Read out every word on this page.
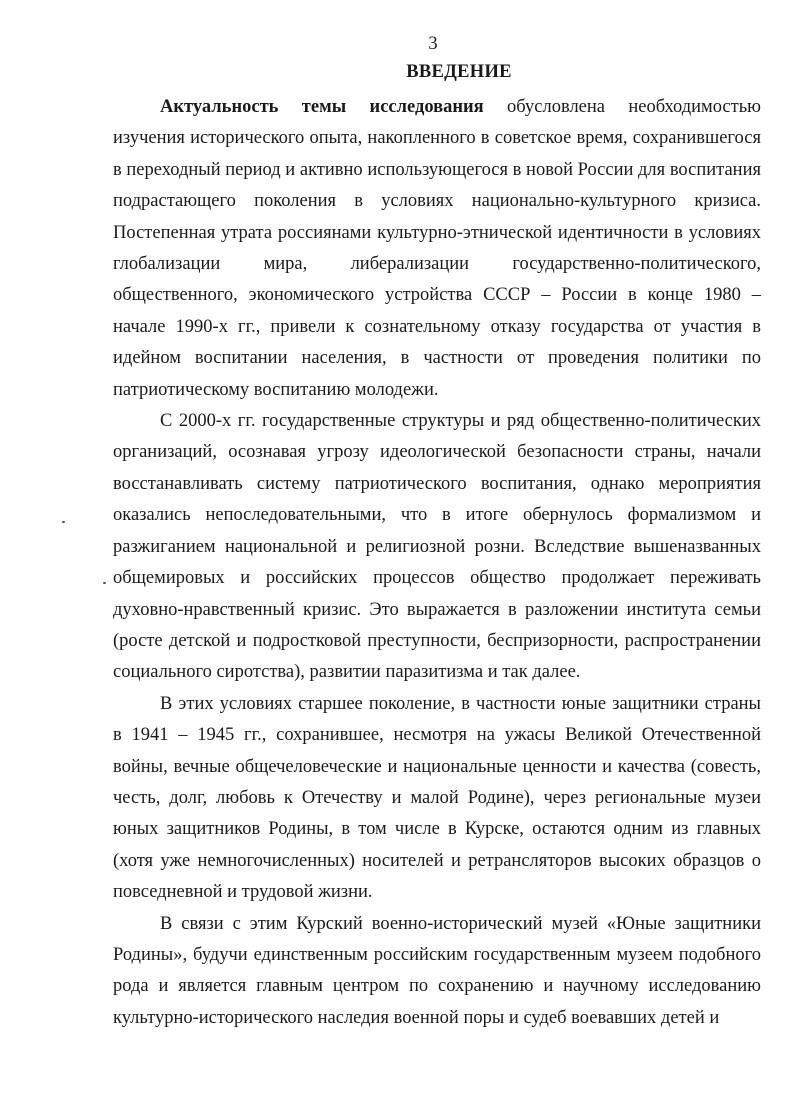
3
ВВЕДЕНИЕ

Актуальность темы исследования обусловлена необходимостью изучения исторического опыта, накопленного в советское время, сохранившегося в переходный период и активно использующегося в новой России для воспитания подрастающего поколения в условиях национально-культурного кризиса. Постепенная утрата россиянами культурно-этнической идентичности в условиях глобализации мира, либерализации государственно-политического, общественного, экономического устройства СССР – России в конце 1980 – начале 1990-х гг., привели к сознательному отказу государства от участия в идейном воспитании населения, в частности от проведения политики по патриотическому воспитанию молодежи.

С 2000-х гг. государственные структуры и ряд общественно-политических организаций, осознавая угрозу идеологической безопасности страны, начали восстанавливать систему патриотического воспитания, однако мероприятия оказались непоследовательными, что в итоге обернулось формализмом и разжиганием национальной и религиозной розни. Вследствие вышеназванных общемировых и российских процессов общество продолжает переживать духовно-нравственный кризис. Это выражается в разложении института семьи (росте детской и подростковой преступности, беспризорности, распространении социального сиротства), развитии паразитизма и так далее.

В этих условиях старшее поколение, в частности юные защитники страны в 1941 – 1945 гг., сохранившее, несмотря на ужасы Великой Отечественной войны, вечные общечеловеческие и национальные ценности и качества (совесть, честь, долг, любовь к Отечеству и малой Родине), через региональные музеи юных защитников Родины, в том числе в Курске, остаются одним из главных (хотя уже немногочисленных) носителей и ретрансляторов высоких образцов о повседневной и трудовой жизни.

В связи с этим Курский военно-исторический музей «Юные защитники Родины», будучи единственным российским государственным музеем подобного рода и является главным центром по сохранению и научному исследованию культурно-исторического наследия военной поры и судеб воевавших детей и
